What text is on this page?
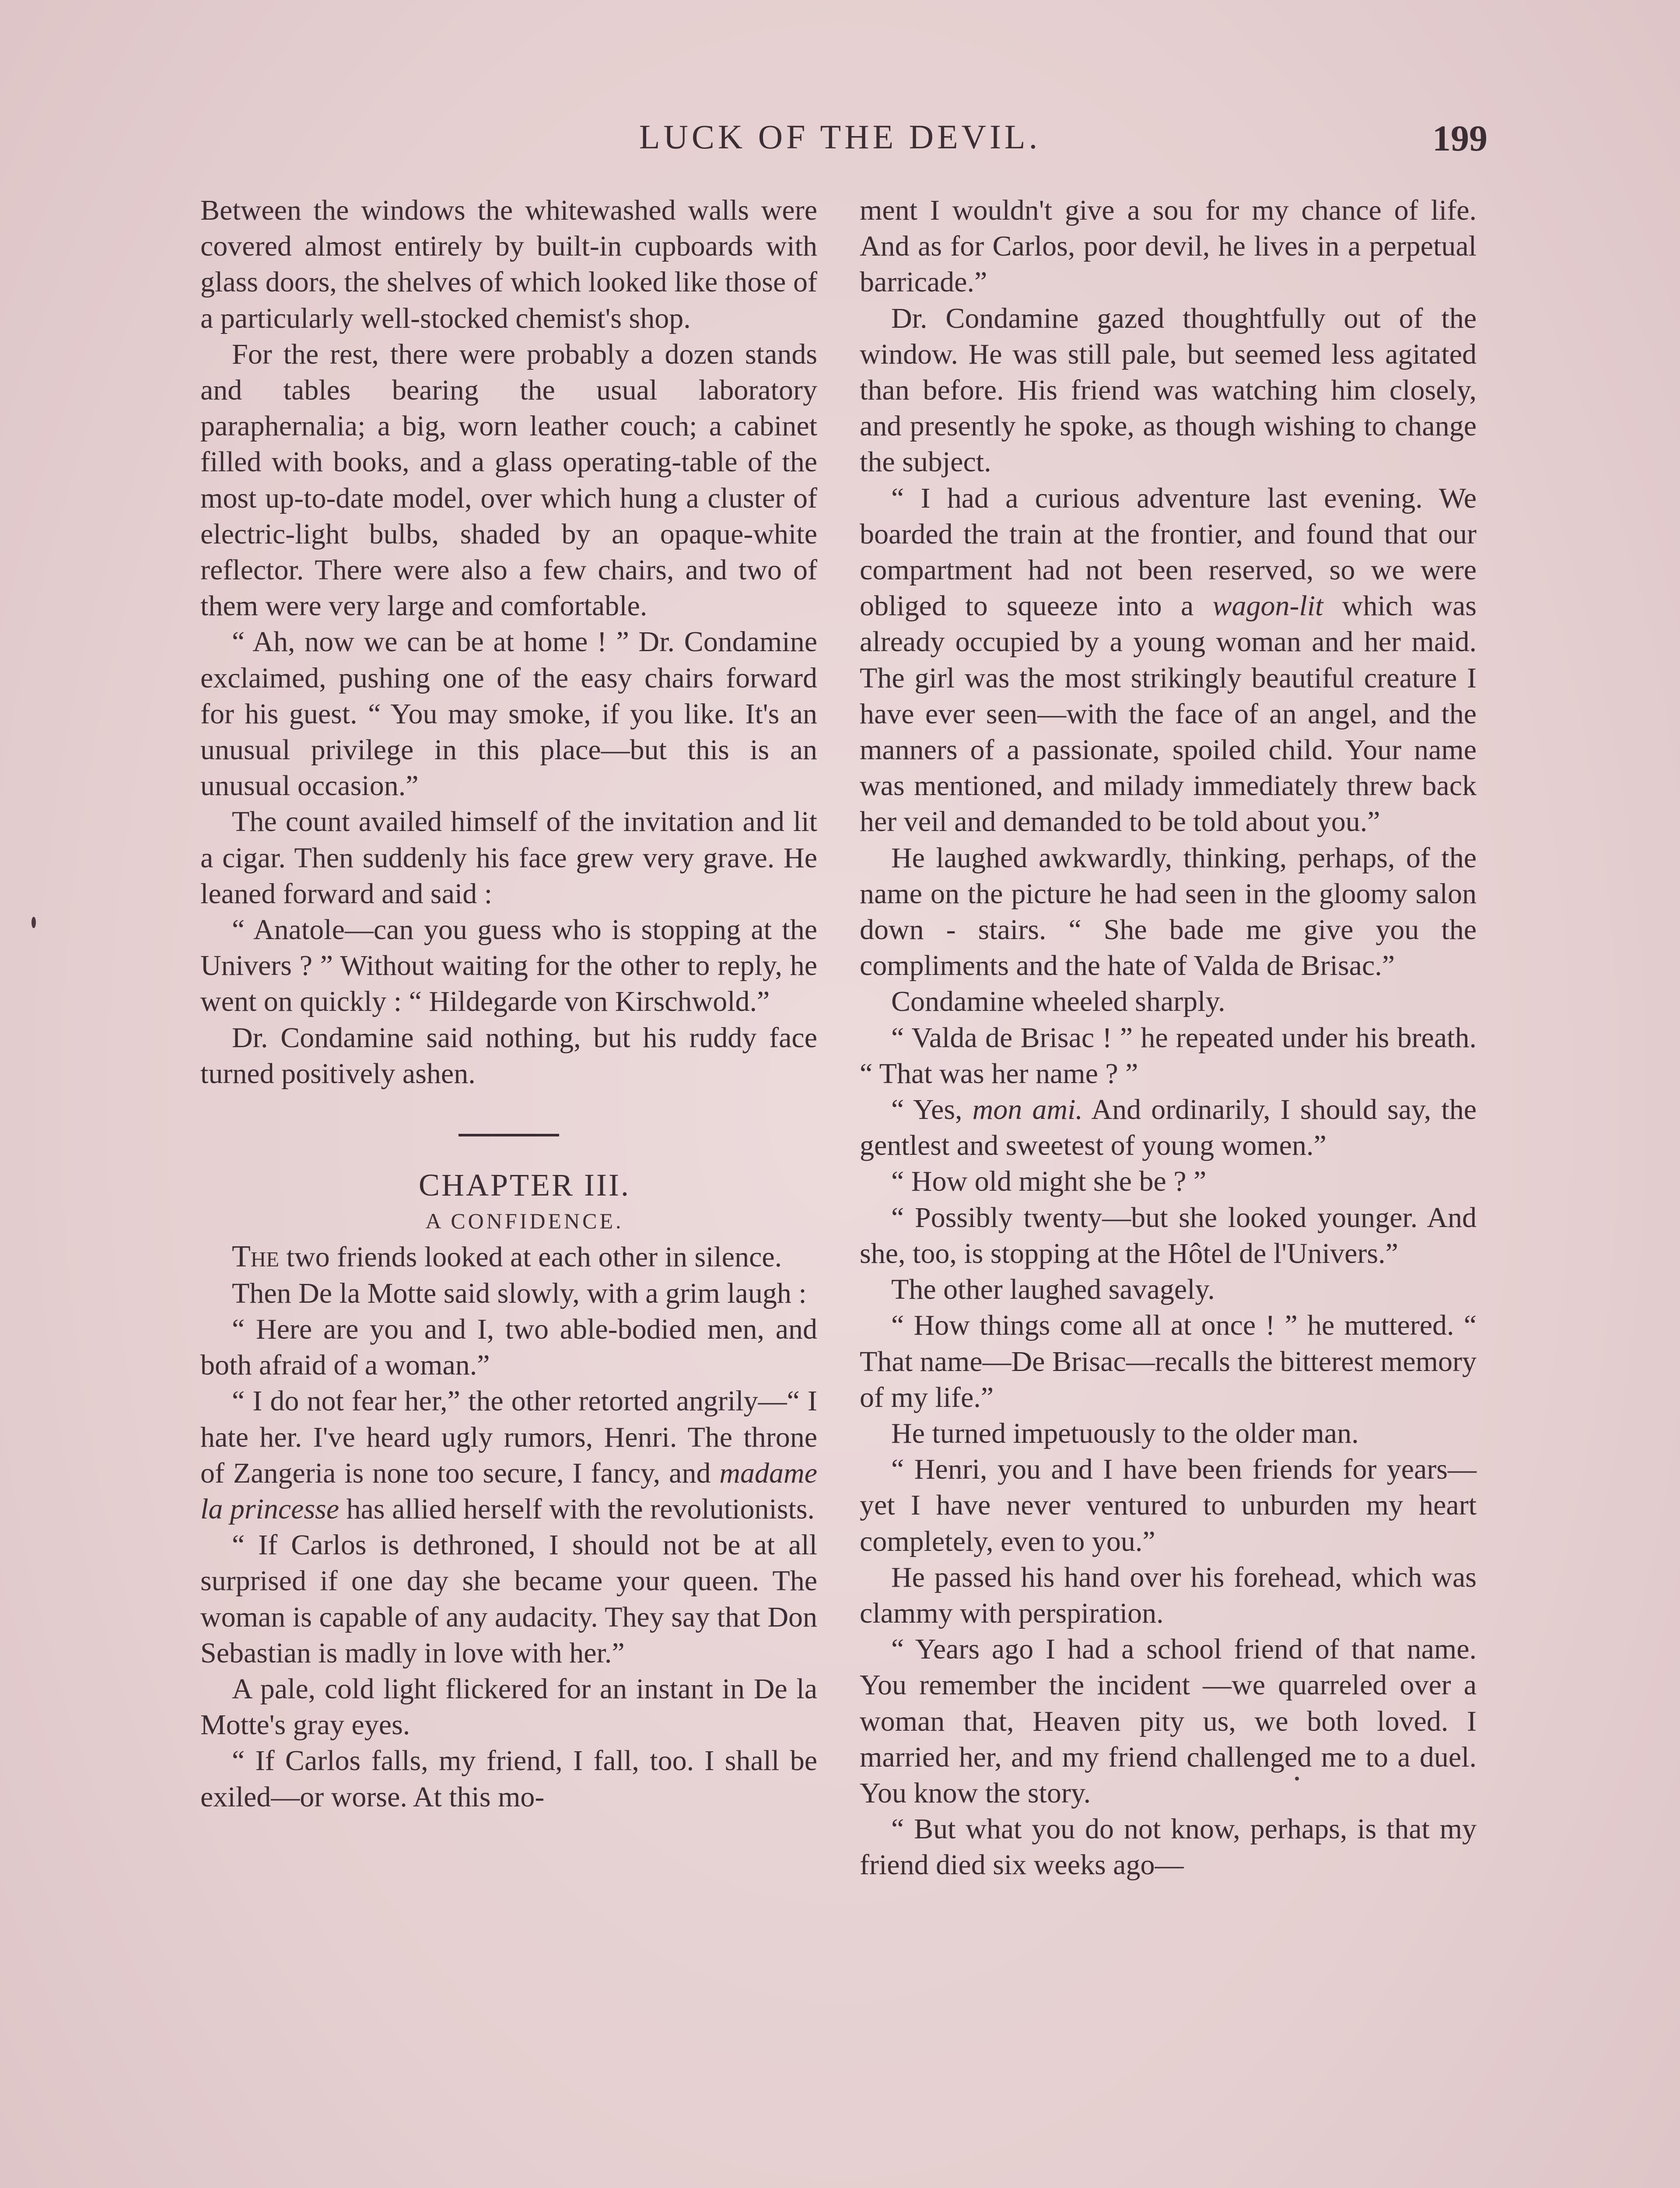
LUCK OF THE DEVIL.	199

Between the windows the whitewashed walls were covered almost entirely by built-in cupboards with glass doors, the shelves of which looked like those of a particularly well-stocked chemist's shop.

For the rest, there were probably a dozen stands and tables bearing the usual laboratory paraphernalia; a big, worn leather couch; a cabinet filled with books, and a glass operating-table of the most up-to-date model, over which hung a cluster of electric-light bulbs, shaded by an opaque-white reflector. There were also a few chairs, and two of them were very large and comfortable.

“ Ah, now we can be at home ! ” Dr. Condamine exclaimed, pushing one of the easy chairs forward for his guest. “ You may smoke, if you like. It's an unusual privilege in this place—but this is an unusual occasion.”

The count availed himself of the invitation and lit a cigar. Then suddenly his face grew very grave. He leaned forward and said :

“ Anatole—can you guess who is stopping at the Univers ? ” Without waiting for the other to reply, he went on quickly : “ Hildegarde von Kirschwold.”

Dr. Condamine said nothing, but his ruddy face turned positively ashen.

CHAPTER III.

A CONFIDENCE.

The two friends looked at each other in silence.

Then De la Motte said slowly, with a grim laugh :

“ Here are you and I, two able-bodied men, and both afraid of a woman.”

“ I do not fear her,” the other retorted angrily—“ I hate her. I've heard ugly rumors, Henri. The throne of Zangeria is none too secure, I fancy, and madame la princesse has allied herself with the revolutionists.

“ If Carlos is dethroned, I should not be at all surprised if one day she became your queen. The woman is capable of any audacity. They say that Don Sebastian is madly in love with her.”

A pale, cold light flickered for an instant in De la Motte's gray eyes.

“ If Carlos falls, my friend, I fall, too. I shall be exiled—or worse. At this mo-

ment I wouldn't give a sou for my chance of life. And as for Carlos, poor devil, he lives in a perpetual barricade.”

Dr. Condamine gazed thoughtfully out of the window. He was still pale, but seemed less agitated than before. His friend was watching him closely, and presently he spoke, as though wishing to change the subject.

“ I had a curious adventure last evening. We boarded the train at the frontier, and found that our compartment had not been reserved, so we were obliged to squeeze into a wagon-lit which was already occupied by a young woman and her maid. The girl was the most strikingly beautiful creature I have ever seen—with the face of an angel, and the manners of a passionate, spoiled child. Your name was mentioned, and milady immediately threw back her veil and demanded to be told about you.”

He laughed awkwardly, thinking, perhaps, of the name on the picture he had seen in the gloomy salon down - stairs. “ She bade me give you the compliments and the hate of Valda de Brisac.”

Condamine wheeled sharply.

“ Valda de Brisac ! ” he repeated under his breath. “ That was her name ? ”

“ Yes, mon ami. And ordinarily, I should say, the gentlest and sweetest of young women.”

“ How old might she be ? ”

“ Possibly twenty—but she looked younger. And she, too, is stopping at the Hôtel de l'Univers.”

The other laughed savagely.

“ How things come all at once ! ” he muttered. “ That name—De Brisac—recalls the bitterest memory of my life.”

He turned impetuously to the older man.

“ Henri, you and I have been friends for years—yet I have never ventured to unburden my heart completely, even to you.”

He passed his hand over his forehead, which was clammy with perspiration.

“ Years ago I had a school friend of that name. You remember the incident —we quarreled over a woman that, Heaven pity us, we both loved. I married her, and my friend challenged me to a duel. You know the story.

“ But what you do not know, perhaps, is that my friend died six weeks ago—
